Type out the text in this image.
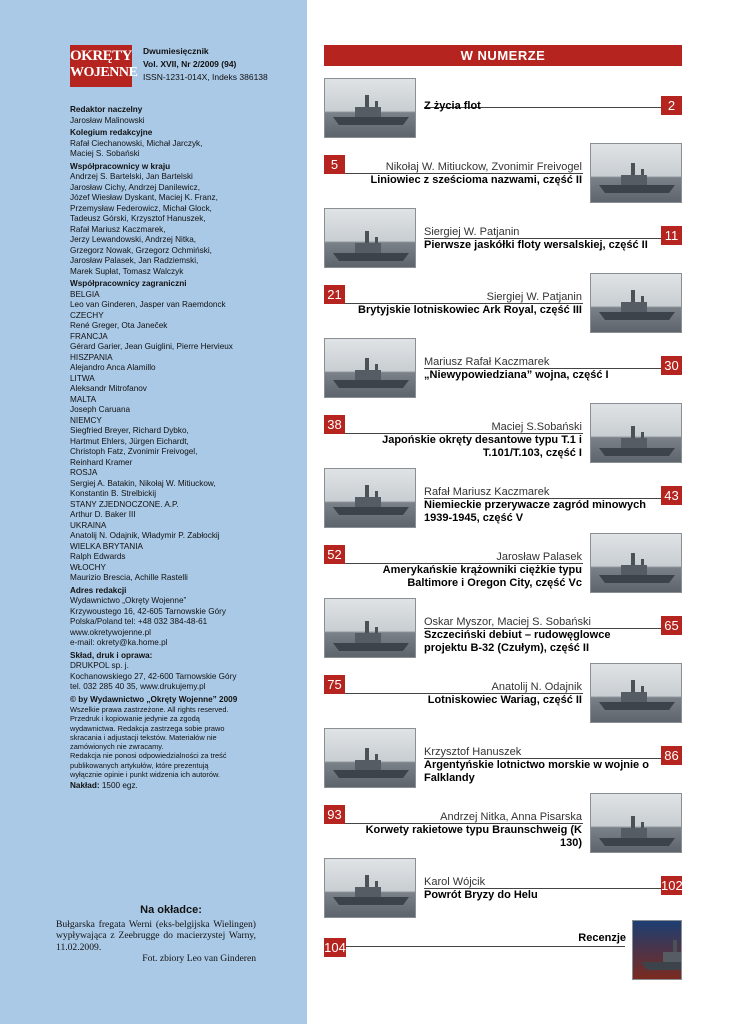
OKRĘTY
WOJENNE
Dwumiesięcznik
Vol. XVII, Nr 2/2009 (94)
ISSN-1231-014X, Indeks 386138
Redaktor naczelny
Jarosław Malinowski
Kolegium redakcyjne
Rafał Ciechanowski, Michał Jarczyk,
Maciej S. Sobański
Współpracownicy w kraju
Andrzej S. Bartelski, Jan Bartelski
Jarosław Cichy, Andrzej Danilewicz,
Józef Wiesław Dyskant, Maciej K. Franz,
Przemysław Federowicz, Michał Glock,
Tadeusz Górski, Krzysztof Hanuszek,
Rafał Mariusz Kaczmarek,
Jerzy Lewandowski, Andrzej Nitka,
Grzegorz Nowak, Grzegorz Ochmiński,
Jarosław Palasek, Jan Radziemski,
Marek Supłat, Tomasz Walczyk
Współpracownicy zagraniczni
BELGIA
Leo van Ginderen, Jasper van Raemdonck
CZECHY
René Greger, Ota Janeček
FRANCJA
Gérard Garier, Jean Guiglini, Pierre Hervieux
HISZPANIA
Alejandro Anca Alamillo
LITWA
Aleksandr Mitrofanov
MALTA
Joseph Caruana
NIEMCY
Siegfried Breyer, Richard Dybko,
Hartmut Ehlers, Jürgen Eichardt,
Christoph Fatz, Zvonimir Freivogel,
Reinhard Kramer
ROSJA
Sergiej A. Batakin, Nikołaj W. Mitiuckow,
Konstantin B. Strelbickij
STANY ZJEDNOCZONE. A.P.
Arthur D. Baker III
UKRAINA
Anatolij N. Odajnik, Władymir P. Zabłockij
WIELKA BRYTANIA
Ralph Edwards
WŁOCHY
Maurizio Brescia, Achille Rastelli
Adres redakcji
Wydawnictwo „Okręty Wojenne”
Krzywoustego 16, 42-605 Tarnowskie Góry
Polska/Poland tel: +48 032 384-48-61
www.okretywojenne.pl
e-mail: okrety@ka.home.pl
Skład, druk i oprawa:
DRUKPOL sp. j.
Kochanowskiego 27, 42-600 Tarnowskie Góry
tel. 032 285 40 35, www.drukujemy.pl
© by Wydawnictwo „Okręty Wojenne” 2009
Wszelkie prawa zastrzeżone. All rights reserved.
Przedruk i kopiowanie jedynie za zgodą
wydawnictwa. Redakcja zastrzega sobie prawo
skracania i adjustacji tekstów. Materiałów nie
zamówionych nie zwracamy.
Redakcja nie ponosi odpowiedzialności za treść
publikowanych artykułów, które prezentują
wyłącznie opinie i punkt widzenia ich autorów.
Nakład: 1500 egz.
Na okładce:
Bułgarska fregata Werni (eks-belgijska Wielingen) wypływająca z Zeebrugge do macierzystej Warny, 11.02.2009.
Fot. zbiory Leo van Ginderen
W NUMERZE
Z życia flot	2
Nikołaj W. Mitiuckow, Zvonimir Freivogel
Liniowiec z sześcioma nazwami, część II
5
Siergiej W. Patjanin
Pierwsze jaskółki floty wersalskiej, część II
11
Siergiej W. Patjanin
Brytyjskie lotniskowiec Ark Royal, część III
21
Mariusz Rafał Kaczmarek
„Niewypowiedziana” wojna, część I
30
Maciej S.Sobański
Japońskie okręty desantowe typu T.1 i T.101/T.103, część I
38
Rafał Mariusz Kaczmarek
Niemieckie przerywacze zagród minowych 1939-1945, część V
43
Jarosław Palasek
Amerykańskie krążowniki ciężkie typu Baltimore i Oregon City, część Vc
52
Oskar Myszor, Maciej S. Sobański
Szczeciński debiut – rudowęglowce projektu B-32 (Czułym), część II
65
Anatolij N. Odajnik
Lotniskowiec Wariag, część II
75
Krzysztof Hanuszek
Argentyńskie lotnictwo morskie w wojnie o Falklandy
86
Andrzej Nitka, Anna Pisarska
Korwety rakietowe typu Braunschweig (K 130)
93
Karol Wójcik
Powrót Bryzy do Helu
102
Recenzje
104
